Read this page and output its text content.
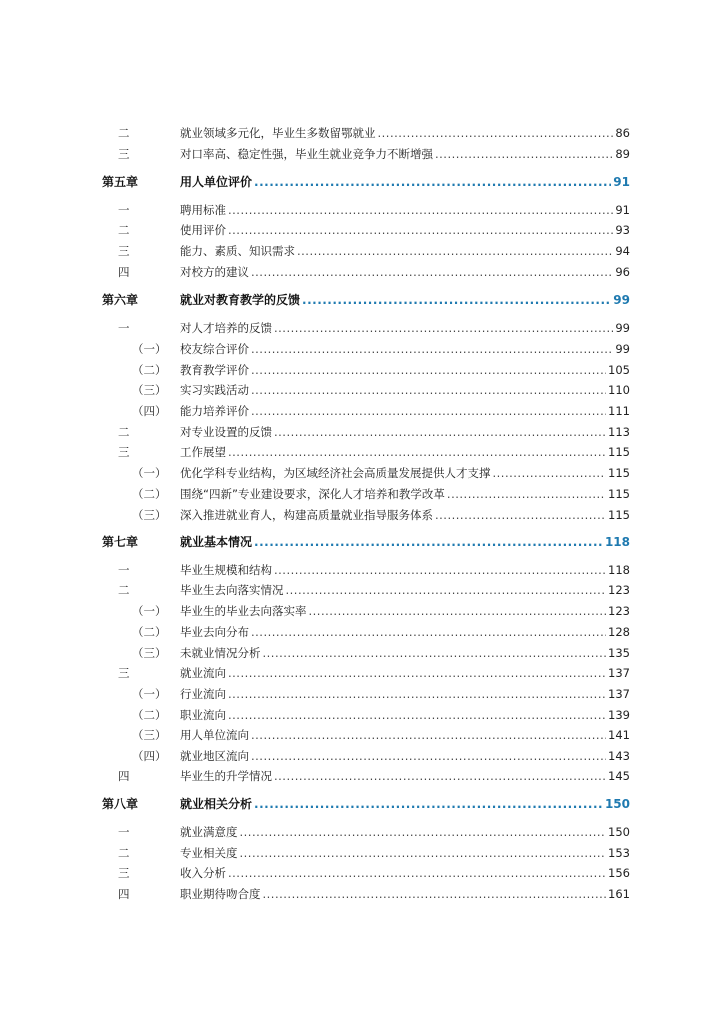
二	就业领域多元化，毕业生多数留鄂就业 .....	86
三	对口率高、稳定性强，毕业生就业竞争力不断增强 .....	89
第五章	用人单位评价 .....	91
一	聘用标准 .....	91
二	使用评价 .....	93
三	能力、素质、知识需求 .....	94
四	对校方的建议 .....	96
第六章	就业对教育教学的反馈 .....	99
一	对人才培养的反馈 .....	99
（一） 校友综合评价 .....	99
（二） 教育教学评价 .....	105
（三） 实习实践活动 .....	110
（四） 能力培养评价 .....	111
二	对专业设置的反馈 .....	113
三	工作展望 .....	115
（一） 优化学科专业结构，为区域经济社会高质量发展提供人才支撑 .....	115
（二） 围绕“四新”专业建设要求，深化人才培养和教学改革 .....	115
（三） 深入推进就业育人，构建高质量就业指导服务体系 .....	115
第七章	就业基本情况 .....	118
一	毕业生规模和结构 .....	118
二	毕业生去向落实情况 .....	123
（一） 毕业生的毕业去向落实率 .....	123
（二） 毕业去向分布 .....	128
（三） 未就业情况分析 .....	135
三	就业流向 .....	137
（一） 行业流向 .....	137
（二） 职业流向 .....	139
（三） 用人单位流向 .....	141
（四） 就业地区流向 .....	143
四	毕业生的升学情况 .....	145
第八章	就业相关分析 .....	150
一	就业满意度 .....	150
二	专业相关度 .....	153
三	收入分析 .....	156
四	职业期待吻合度 .....	161
